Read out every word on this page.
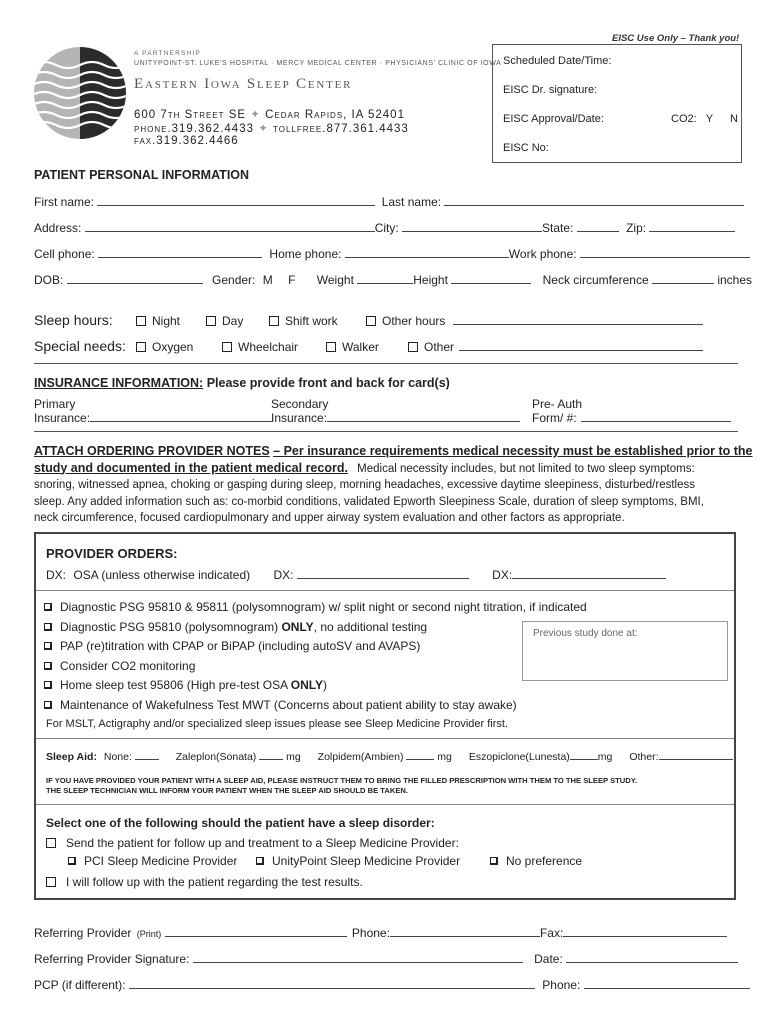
A PARTNERSHIP
UNITYPOINT-ST. LUKE'S HOSPITAL · MERCY MEDICAL CENTER · PHYSICIANS' CLINIC OF IOWA
Eastern Iowa Sleep Center
600 7th Street SE ✦ Cedar Rapids, IA 52401
phone.319.362.4433 ✦ tollfree.877.361.4433
fax.319.362.4466
EISC Use Only – Thank you!
Scheduled Date/Time:
EISC Dr. signature:
EISC Approval/Date:	CO2: Y N
EISC No:
PATIENT PERSONAL INFORMATION
First name:	Last name:
Address:	City:	State:	Zip:
Cell phone:	Home phone:	Work phone:
DOB:	Gender: M F Weight	Height	Neck circumference	inches
Sleep hours:	Night	Day	Shift work	Other hours
Special needs:	Oxygen	Wheelchair	Walker	Other
INSURANCE INFORMATION: Please provide front and back for card(s)
Primary
Insurance:
Secondary
Insurance:
Pre- Auth
Form/ #:
ATTACH ORDERING PROVIDER NOTES – Per insurance requirements medical necessity must be established prior to the
study and documented in the patient medical record. Medical necessity includes, but not limited to two sleep symptoms:
snoring, witnessed apnea, choking or gasping during sleep, morning headaches, excessive daytime sleepiness, disturbed/restless
sleep. Any added information such as: co-morbid conditions, validated Epworth Sleepiness Scale, duration of sleep symptoms, BMI,
neck circumference, focused cardiopulmonary and upper airway system evaluation and other factors as appropriate.
PROVIDER ORDERS:
DX: OSA (unless otherwise indicated) DX:	DX:
Diagnostic PSG 95810 & 95811 (polysomnogram) w/ split night or second night titration, if indicated
Diagnostic PSG 95810 (polysomnogram) ONLY, no additional testing
PAP (re)titration with CPAP or BiPAP (including autoSV and AVAPS)
Consider CO2 monitoring
Home sleep test 95806 (High pre-test OSA ONLY)
Maintenance of Wakefulness Test MWT (Concerns about patient ability to stay awake)
For MSLT, Actigraphy and/or specialized sleep issues please see Sleep Medicine Provider first.
Previous study done at:
Sleep Aid: None:	Zaleplon(Sonata)	mg Zolpidem(Ambien)	mg Eszopiclone(Lunesta)	mg Other:
IF YOU HAVE PROVIDED YOUR PATIENT WITH A SLEEP AID, PLEASE INSTRUCT THEM TO BRING THE FILLED PRESCRIPTION WITH THEM TO THE SLEEP STUDY.
THE SLEEP TECHNICIAN WILL INFORM YOUR PATIENT WHEN THE SLEEP AID SHOULD BE TAKEN.
Select one of the following should the patient have a sleep disorder:
Send the patient for follow up and treatment to a Sleep Medicine Provider:
PCI Sleep Medicine Provider	UnityPoint Sleep Medicine Provider	No preference
I will follow up with the patient regarding the test results.
Referring Provider (Print)	Phone:	Fax:
Referring Provider Signature:	Date:
PCP (if different):	Phone:
